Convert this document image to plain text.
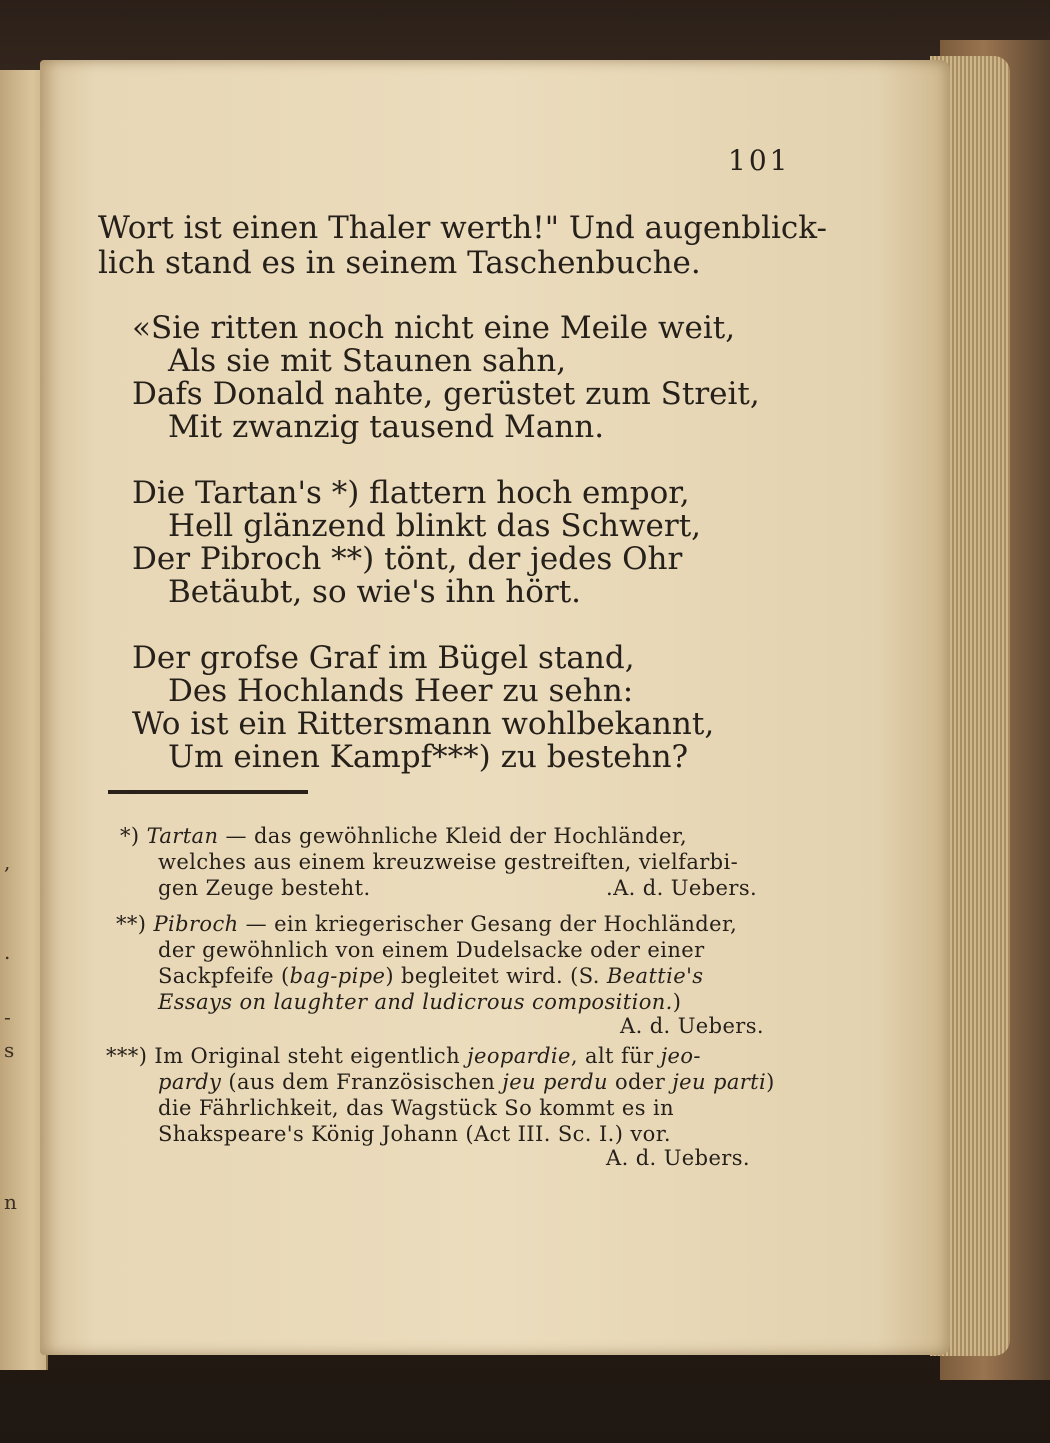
,
.
-
s
n
101
Wort ist einen Thaler werth!" Und augenblick-
lich stand es in seinem Taschenbuche.
«Sie ritten noch nicht eine Meile weit,
Als sie mit Staunen sahn,
Dafs Donald nahte, gerüstet zum Streit,
Mit zwanzig tausend Mann.
Die Tartan's *) flattern hoch empor,
Hell glänzend blinkt das Schwert,
Der Pibroch **) tönt, der jedes Ohr
Betäubt, so wie's ihn hört.
Der grofse Graf im Bügel stand,
Des Hochlands Heer zu sehn:
Wo ist ein Rittersmann wohlbekannt,
Um einen Kampf***) zu bestehn?
*) Tartan — das gewöhnliche Kleid der Hochländer,
welches aus einem kreuzweise gestreiften, vielfarbi-
gen Zeuge besteht.	.A. d. Uebers.
**) Pibroch — ein kriegerischer Gesang der Hochländer,
der gewöhnlich von einem Dudelsacke oder einer
Sackpfeife (bag-pipe) begleitet wird. (S. Beattie's
Essays on laughter and ludicrous composition.)
A. d. Uebers.
***) Im Original steht eigentlich jeopardie, alt für jeo-
pardy (aus dem Französischen jeu perdu oder jeu parti)
die Fährlichkeit, das Wagstück So kommt es in
Shakspeare's König Johann (Act III. Sc. I.) vor.
A. d. Uebers.
